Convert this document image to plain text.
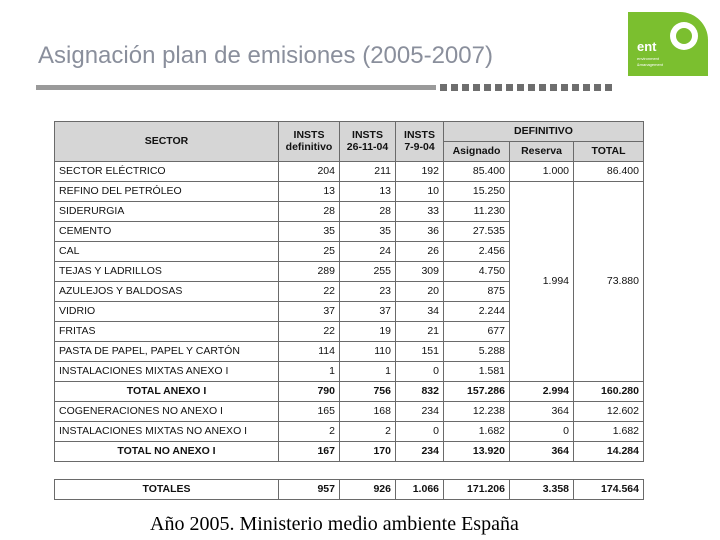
Asignación plan de emisiones (2005-2007)	ent
environment
&management
SECTOR	INSTS definitivo	INSTS 26-11-04	INSTS 7-9-04	DEFINITIVO		
				Asignado	Reserva	TOTAL
SECTOR ELÉCTRICO	204	211	192	85.400	1.000	86.400
REFINO DEL PETRÓLEO	13	13	10	15.250	1.994	73.880
SIDERURGIA	28	28	33	11.230		
CEMENTO	35	35	36	27.535		
CAL	25	24	26	2.456		
TEJAS Y LADRILLOS	289	255	309	4.750		
AZULEJOS Y BALDOSAS	22	23	20	875		
VIDRIO	37	37	34	2.244		
FRITAS	22	19	21	677		
PASTA DE PAPEL, PAPEL Y CARTÓN	114	110	151	5.288		
INSTALACIONES MIXTAS ANEXO I	1	1	0	1.581		
TOTAL ANEXO I	790	756	832	157.286	2.994	160.280
COGENERACIONES NO ANEXO I	165	168	234	12.238	364	12.602
INSTALACIONES MIXTAS NO ANEXO I	2	2	0	1.682	0	1.682
TOTAL NO ANEXO I	167	170	234	13.920	364	14.284
TOTALES	957	926	1.066	171.206	3.358	174.564
Año 2005. Ministerio medio ambiente España
